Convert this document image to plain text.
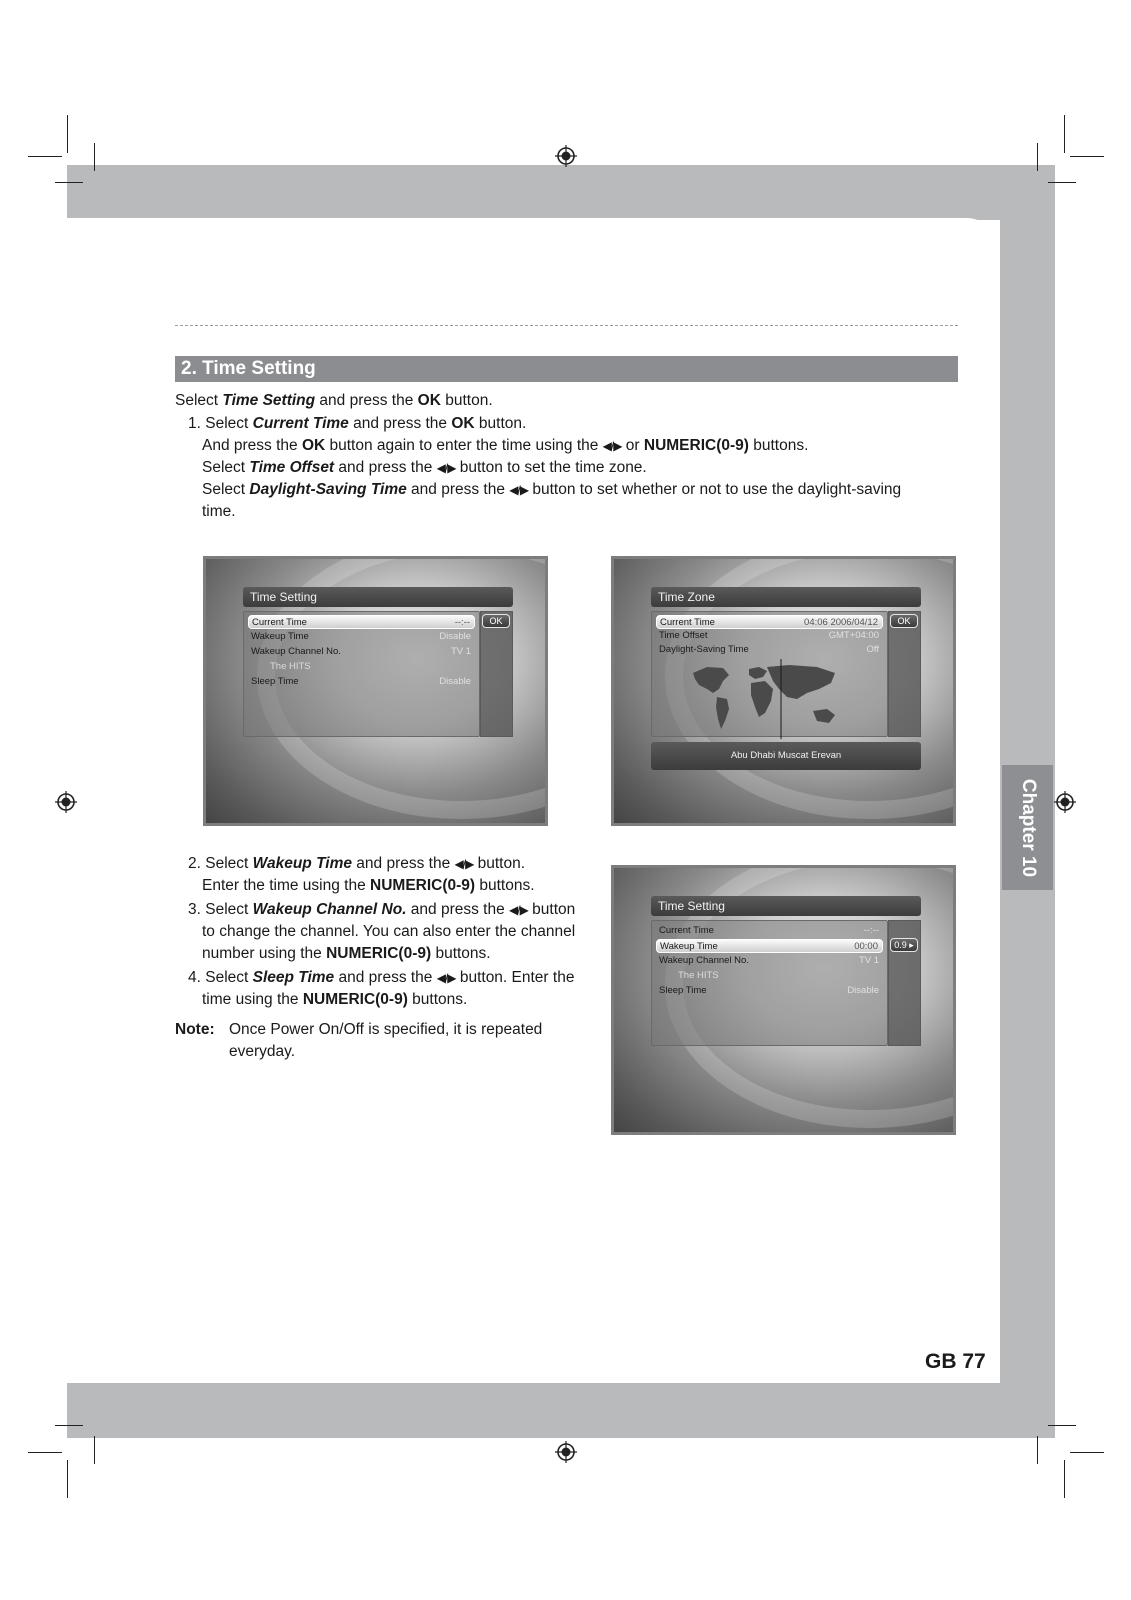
Chapter 10
2. Time Setting
Select Time Setting and press the OK button.
1. Select Current Time and press the OK button.
And press the OK button again to enter the time using the ◀/▶ or NUMERIC(0-9) buttons.
Select Time Offset and press the ◀/▶ button to set the time zone.
Select Daylight-Saving Time and press the ◀/▶ button to set whether or not to use the daylight-saving
time.
Time Setting
Current Time	--:--
Wakeup Time	Disable
Wakeup Channel No.	TV 1
The HITS
Sleep Time	Disable
OK
Time Zone
Current Time	04:06 2006/04/12
Time Offset	GMT+04:00
Daylight-Saving Time	Off
OK
Abu Dhabi Muscat Erevan
2. Select Wakeup Time and press the ◀/▶ button.
Enter the time using the NUMERIC(0-9) buttons.
3. Select Wakeup Channel No. and press the ◀/▶ button
to change the channel. You can also enter the channel
number using the NUMERIC(0-9) buttons.
4. Select Sleep Time and press the ◀/▶ button. Enter the
time using the NUMERIC(0-9) buttons.
Note: Once Power On/Off is specified, it is repeated
everyday.
Time Setting
Current Time	--:--
Wakeup Time	00:00
Wakeup Channel No.	TV 1
The HITS
Sleep Time	Disable
0.9 ▸
GB 77
